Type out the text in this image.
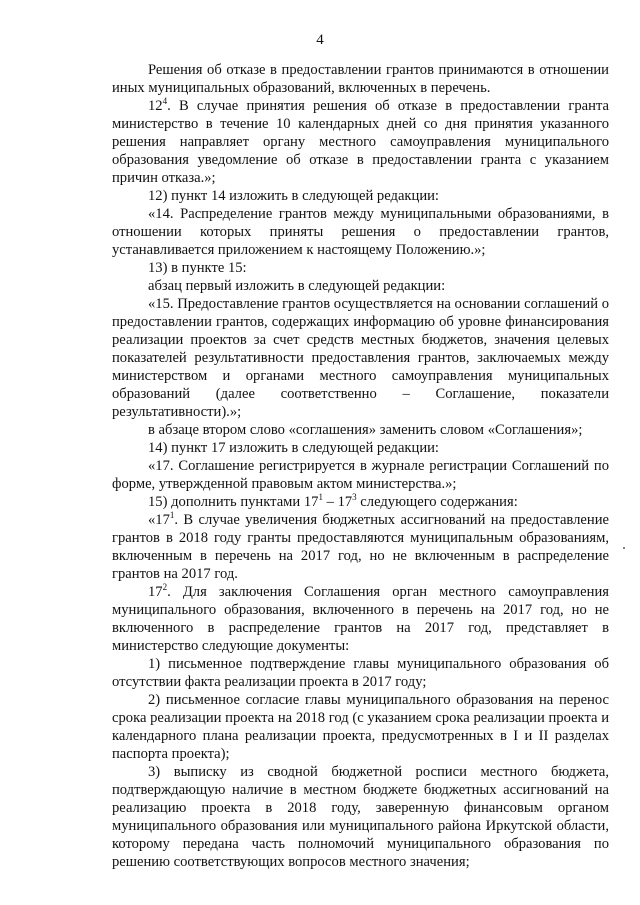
4

Решения об отказе в предоставлении грантов принимаются в отношении иных муниципальных образований, включенных в перечень.

$12^4$. В случае принятия решения об отказе в предоставлении гранта министерство в течение 10 календарных дней со дня принятия указанного решения направляет органу местного самоуправления муниципального образования уведомление об отказе в предоставлении гранта с указанием причин отказа.»;

12) пункт 14 изложить в следующей редакции:

«14. Распределение грантов между муниципальными образованиями, в отношении которых приняты решения о предоставлении грантов, устанавливается приложением к настоящему Положению.»;

13) в пункте 15:

абзац первый изложить в следующей редакции:

«15. Предоставление грантов осуществляется на основании соглашений о предоставлении грантов, содержащих информацию об уровне финансирования реализации проектов за счет средств местных бюджетов, значения целевых показателей результативности предоставления грантов, заключаемых между министерством и органами местного самоуправления муниципальных образований (далее соответственно – Соглашение, показатели результативности).»;

в абзаце втором слово «соглашения» заменить словом «Соглашения»;

14) пункт 17 изложить в следующей редакции:

«17. Соглашение регистрируется в журнале регистрации Соглашений по форме, утвержденной правовым актом министерства.»;

15) дополнить пунктами $17^1 - 17^3$ следующего содержания:

«$17^1$. В случае увеличения бюджетных ассигнований на предоставление грантов в 2018 году гранты предоставляются муниципальным образованиям, включенным в перечень на 2017 год, но не включенным в распределение грантов на 2017 год.

$17^2$. Для заключения Соглашения орган местного самоуправления муниципального образования, включенного в перечень на 2017 год, но не включенного в распределение грантов на 2017 год, представляет в министерство следующие документы:

1) письменное подтверждение главы муниципального образования об отсутствии факта реализации проекта в 2017 году;

2) письменное согласие главы муниципального образования на перенос срока реализации проекта на 2018 год (с указанием срока реализации проекта и календарного плана реализации проекта, предусмотренных в I и II разделах паспорта проекта);

3) выписку из сводной бюджетной росписи местного бюджета, подтверждающую наличие в местном бюджете бюджетных ассигнований на реализацию проекта в 2018 году, заверенную финансовым органом муниципального образования или муниципального района Иркутской области, которому передана часть полномочий муниципального образования по решению соответствующих вопросов местного значения;
